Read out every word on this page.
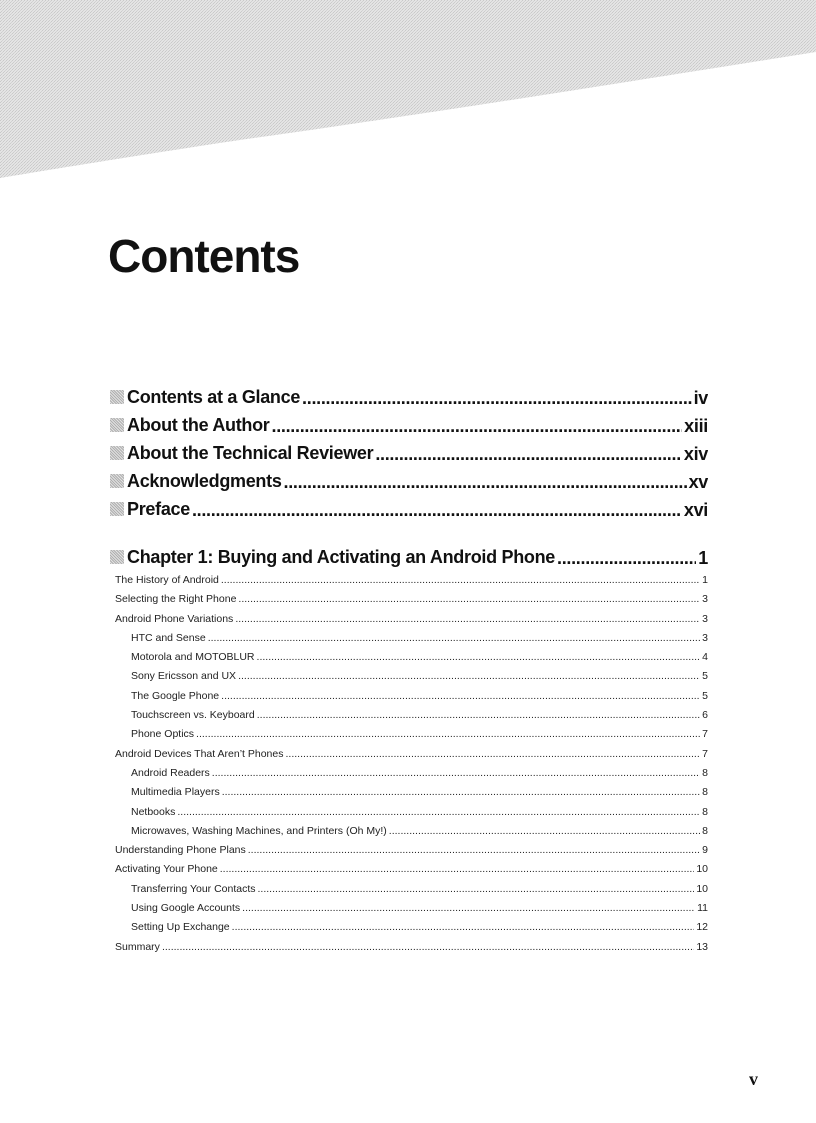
Contents
Contents at a Glance .....	iv
About the Author .....	xiii
About the Technical Reviewer .....	xiv
Acknowledgments .....	xv
Preface .....	xvi
Chapter 1: Buying and Activating an Android Phone .....	1
The History of Android .....	1
Selecting the Right Phone .....	3
Android Phone Variations .....	3
HTC and Sense .....	3
Motorola and MOTOBLUR .....	4
Sony Ericsson and UX .....	5
The Google Phone .....	5
Touchscreen vs. Keyboard .....	6
Phone Optics .....	7
Android Devices That Aren’t Phones .....	7
Android Readers .....	8
Multimedia Players .....	8
Netbooks .....	8
Microwaves, Washing Machines, and Printers (Oh My!) .....	8
Understanding Phone Plans .....	9
Activating Your Phone .....	10
Transferring Your Contacts .....	10
Using Google Accounts .....	11
Setting Up Exchange .....	12
Summary .....	13
v
